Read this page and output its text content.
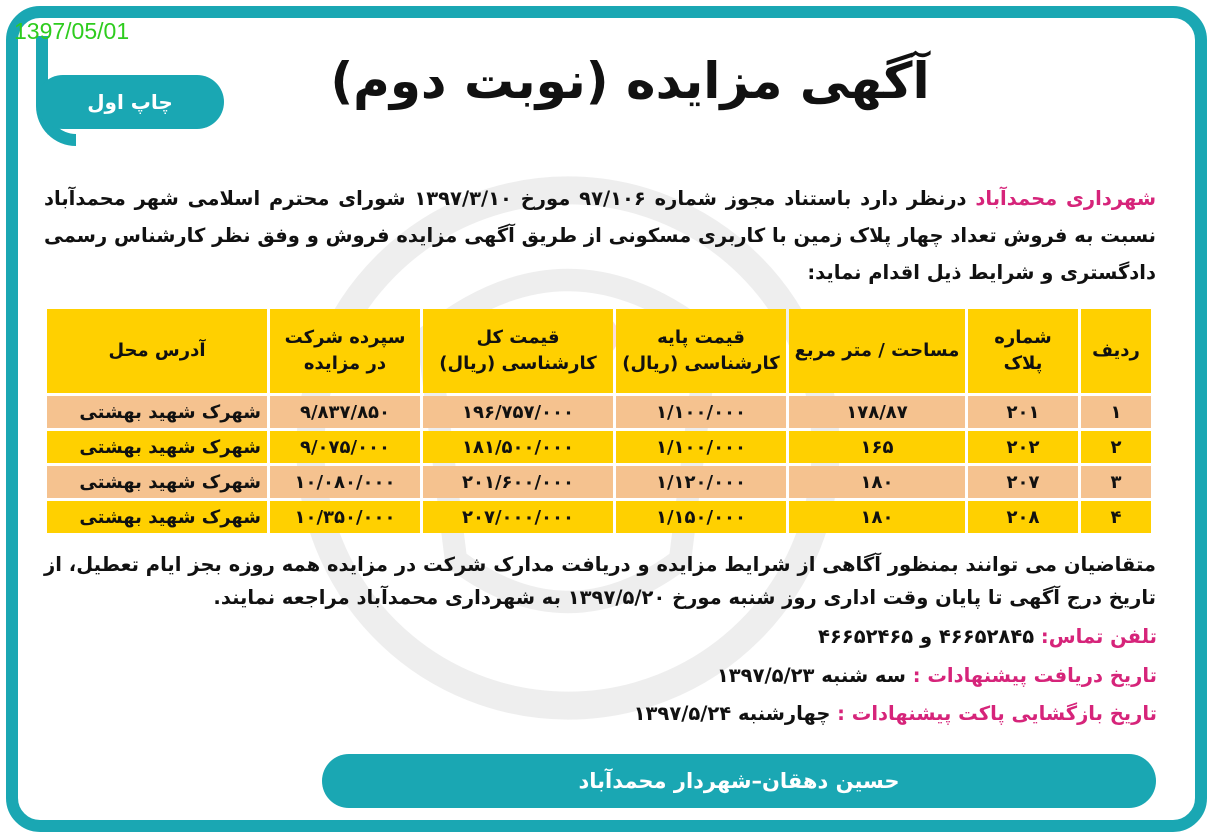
1397/05/01
چاپ اول	آگهی مزایده (نوبت دوم)
شهرداری محمدآباد درنظر دارد باستناد مجوز شماره ۹۷/۱۰۶ مورخ ۱۳۹۷/۳/۱۰ شورای محترم اسلامی شهر محمدآباد نسبت به فروش تعداد چهار پلاک زمین با کاربری مسکونی از طریق آگهی مزایده فروش و وفق نظر کارشناس رسمی دادگستری و شرایط ذیل اقدام نماید:
ردیف	شماره پلاک	مساحت / متر مربع	قیمت پایه کارشناسی (ریال)	قیمت کل کارشناسی (ریال)	سپرده شرکت در مزایده	آدرس محل
۱	۲۰۱	۱۷۸/۸۷	۱/۱۰۰/۰۰۰	۱۹۶/۷۵۷/۰۰۰	۹/۸۳۷/۸۵۰	شهرک شهید بهشتی
۲	۲۰۲	۱۶۵	۱/۱۰۰/۰۰۰	۱۸۱/۵۰۰/۰۰۰	۹/۰۷۵/۰۰۰	شهرک شهید بهشتی
۳	۲۰۷	۱۸۰	۱/۱۲۰/۰۰۰	۲۰۱/۶۰۰/۰۰۰	۱۰/۰۸۰/۰۰۰	شهرک شهید بهشتی
۴	۲۰۸	۱۸۰	۱/۱۵۰/۰۰۰	۲۰۷/۰۰۰/۰۰۰	۱۰/۳۵۰/۰۰۰	شهرک شهید بهشتی
متقاضیان می توانند بمنظور آگاهی از شرایط مزایده و دریافت مدارک شرکت در مزایده همه روزه بجز ایام تعطیل، از تاریخ درج آگهی تا پایان وقت اداری روز شنبه مورخ ۱۳۹۷/۵/۲۰ به شهرداری محمدآباد مراجعه نمایند.
تلفن تماس: ۴۶۶۵۲۸۴۵ و ۴۶۶۵۲۴۶۵
تاریخ دریافت پیشنهادات : سه شنبه ۱۳۹۷/۵/۲۳
تاریخ بازگشایی پاکت پیشنهادات : چهارشنبه ۱۳۹۷/۵/۲۴
حسین دهقان–شهردار محمدآباد
